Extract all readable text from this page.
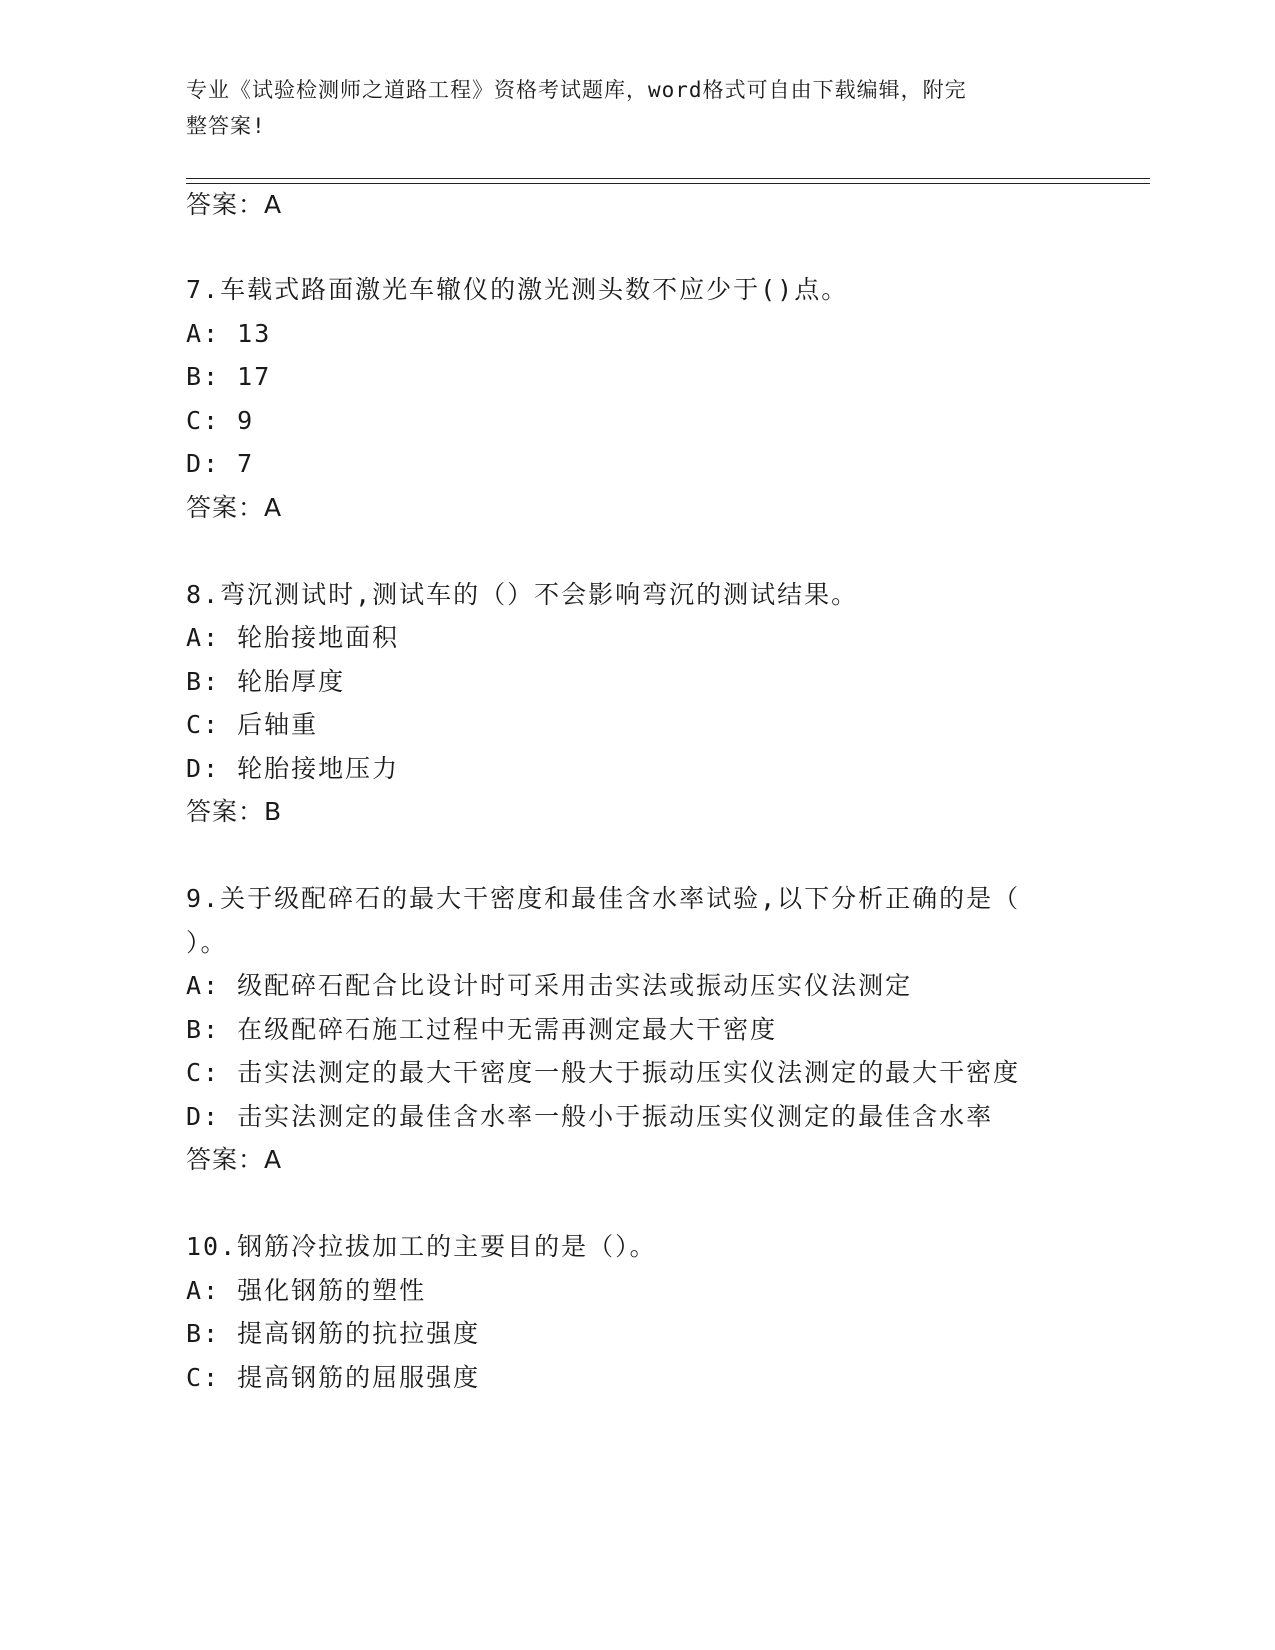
专业《试验检测师之道路工程》资格考试题库，word格式可自由下载编辑，附完
整答案!
答案：A
7.车载式路面激光车辙仪的激光测头数不应少于()点。
A: 13
B: 17
C: 9
D: 7
答案：A
8.弯沉测试时,测试车的（）不会影响弯沉的测试结果。
A: 轮胎接地面积
B: 轮胎厚度
C: 后轴重
D: 轮胎接地压力
答案：B
9.关于级配碎石的最大干密度和最佳含水率试验,以下分析正确的是（
）。
A: 级配碎石配合比设计时可采用击实法或振动压实仪法测定
B: 在级配碎石施工过程中无需再测定最大干密度
C: 击实法测定的最大干密度一般大于振动压实仪法测定的最大干密度
D: 击实法测定的最佳含水率一般小于振动压实仪测定的最佳含水率
答案：A
10.钢筋冷拉拔加工的主要目的是（）。
A: 强化钢筋的塑性
B: 提高钢筋的抗拉强度
C: 提高钢筋的屈服强度
